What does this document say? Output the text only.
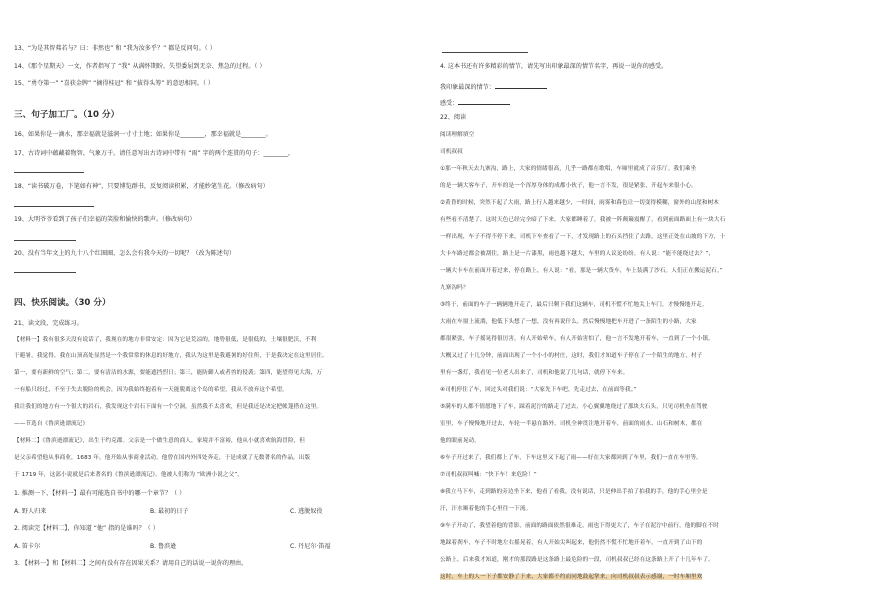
13、“为是其智弗若与？曰：非然也” 和 “我为汝多乎？” 都是反问句。（ ）
14、《那个星期天》一文，作者指写了 “我” 从满怀期盼、失望委屈到无奈、焦急的过程。（ ）
15、“勇夺第一” “喜获金牌” “摘得桂冠” 和 “拔得头筹” 的意思相同。（ ）
三、句子加工厂。（10 分）
16、如果你是一滴水，那幸福就是滋润一寸寸土地；如果你是________，那幸福就是________。
17、古诗词中蕴藏着物智、气象万千。请任意写出古诗词中带有 “雨” 字的两个连贯的句子：________，
18、“读书破万卷，下笔如有神”，只要博览群书，反复阅读积累，才能妙笔生花。（修改病句）
19、大明爷爷看到了孩子们幸福的笑脸和愉快的歌声。（修改病句）
20、没有当年文上的九十八个红圈圈，怎么会有我今天的一切呢？（改为陈述句）
四、快乐阅读。（30 分）
21、读文段，完成练习。
【材料一】我有很多天没有说话了，我现在的地方非常安定：因为它是荒凉的，地势很低，是很低的，土壤很肥沃，不利
于避暑，我觉得，我在山顶高处显然是一个我常常的休息的好地方，我认为这里是我避暑的好住所，于是我决定在这里居住。
第一，要有新鲜的空气；第二，要有清洁的水源，要能遮挡烈日；第三，能防御人或者兽的侵袭；第四，能望得见大海，万
一有船只经过，不至于失去脱险的机会，因为我始终抱着有一天能脱离这个岛的希望，我从不放弃这个希望。
我让我们的地方有一个很大的岩石，我发现这个岩石下面有一个空洞，虽然我不太喜欢，但是我还是决定把帐篷搭在这里。
——节选自《鲁滨逊漂流记》
【材料二】《鲁滨逊漂流记》，出生于约克郡。父亲是一个做生意的商人，家境并不富裕，他从小就喜欢航海冒险，但
是父亲希望他从事商业，1683 年，他开始从事商业活动。他曾在国内外四处奔走，于是成就了无数著名的作品，出版
于 1719 年，这部小说就是后来著名的《鲁滨逊漂流记》。他被人们称为 “欧洲小说之父”。
1. 推测一下，【材料一】最有可能选自书中的哪一个章节？（ ）
A. 野人归来	B. 最初的日子	C. 逃脱奴役
2. 阅读完【材料二】，你知道 “他” 指的是谁吗？（ ）
A. 笛卡尔	B. 鲁滨逊	C. 丹尼尔·笛福
3. 【材料一】和【材料二】之间有没有存在因果关系？请用自己的话说一说你的理由。
4. 这本书还有许多精彩的情节，请先写出印象最深的情节名字，再说一说你的感受。
我印象最深的情节：
感受：
22、阅读
阅读理解填空
司机叔叔
①那一年秋天去九寨沟，路上，大家的情绪很高，几乎一路都在歌唱，车厢里就成了音乐厅。我们乘坐
的是一辆大客车子，开车的是一个浑厚身体的成都小伙子，他一言不发，很是紧张，开起车来很小心。
②黄昏的时候，突然下起了大雨，路上行人越来越少，一时间，雨雾和暮色让一切变得模糊，窗外的山崖和树木
有些看不清楚了，这时天色已经完全暗了下来，大家都睡着了，我被一阵颠簸震醒了，看到前面路面上有一块大石
一样出现，车子不得不停下来，司机下车查看了一下，才发现路上的石头挡住了去路，这里正处在山坡的下方，十
大卡车路过都会被刮住，路上是一片漆黑，雨也越下越大，车里的人议论纷纷，有人说：“能不能绕过去？”，
一辆大卡车在前面开着过来，停在路上，有人说：“看，那是一辆大货车，车上装满了沙石。人们正在搬运泥石。”
九寨沟吗？
③终于，前面的车子一辆辆地开走了，最后只剩下我们这辆车，司机不慌不忙地关上车门，才慢慢地开走。
大雨在车窗上流淌，他低下头想了一想，没有再说什么，然后慢慢地把车开进了一条陌生的小路，大家
都很紧张，车子摇晃得很厉害，有人开始晕车，有人开始害怕了，他一言不发地开着车，一直到了一个小镇。
大概又过了十几分钟，前面出现了一个小小的村庄，这时，我们才知道车子停在了一个陌生的地方，村子
里有一盏灯，我看见一位老人出来了，司机和他说了几句话，就停下车来。
④司机停住了车，回过头对我们说：“大家先下车吧，先走过去，在前面等我。”
⑤满车的人都不情愿地下了车，踩着泥泞的路走了过去，小心翼翼地绕过了那块大石头，只见司机坐在驾驶
室里，车子慢慢地开过去，车轮一半悬在路外，司机全神贯注地开着车，前面的雨水、山石和树木，都在
他的眼前晃动。
⑥车子开过来了，我们都上了车，下车这里又下起了雨——好在大家都回到了车里，我们一直在车里等。
⑦司机叔叔叫喊：“快下车！来危险！”
⑧我立马下车，走到路的旁边坐下来，他看了看我，没有说话，只是伸出手拍了拍我的手，他的手心里全是
汗，汗水顺着他的手心里往一下流。
⑨车子开动了，我望着他的背影，前面的路面依然很难走，雨也下得更大了，车子在泥泞中前行，他的脚在不时
地踩着刹车，车子不时地左右摇晃着，有人开始尖叫起来，他仍然不慌不忙地开着车，一直开到了山下的
公路上。后来我才知道，刚才的那段路是这条路上最危险的一段，司机叔叔已经在这条路上开了十几年车了。
这时，车上的人一下子都安静了下来，大家都不约而同地鼓起掌来，向司机叔叔表示感谢，一时车厢里欢
